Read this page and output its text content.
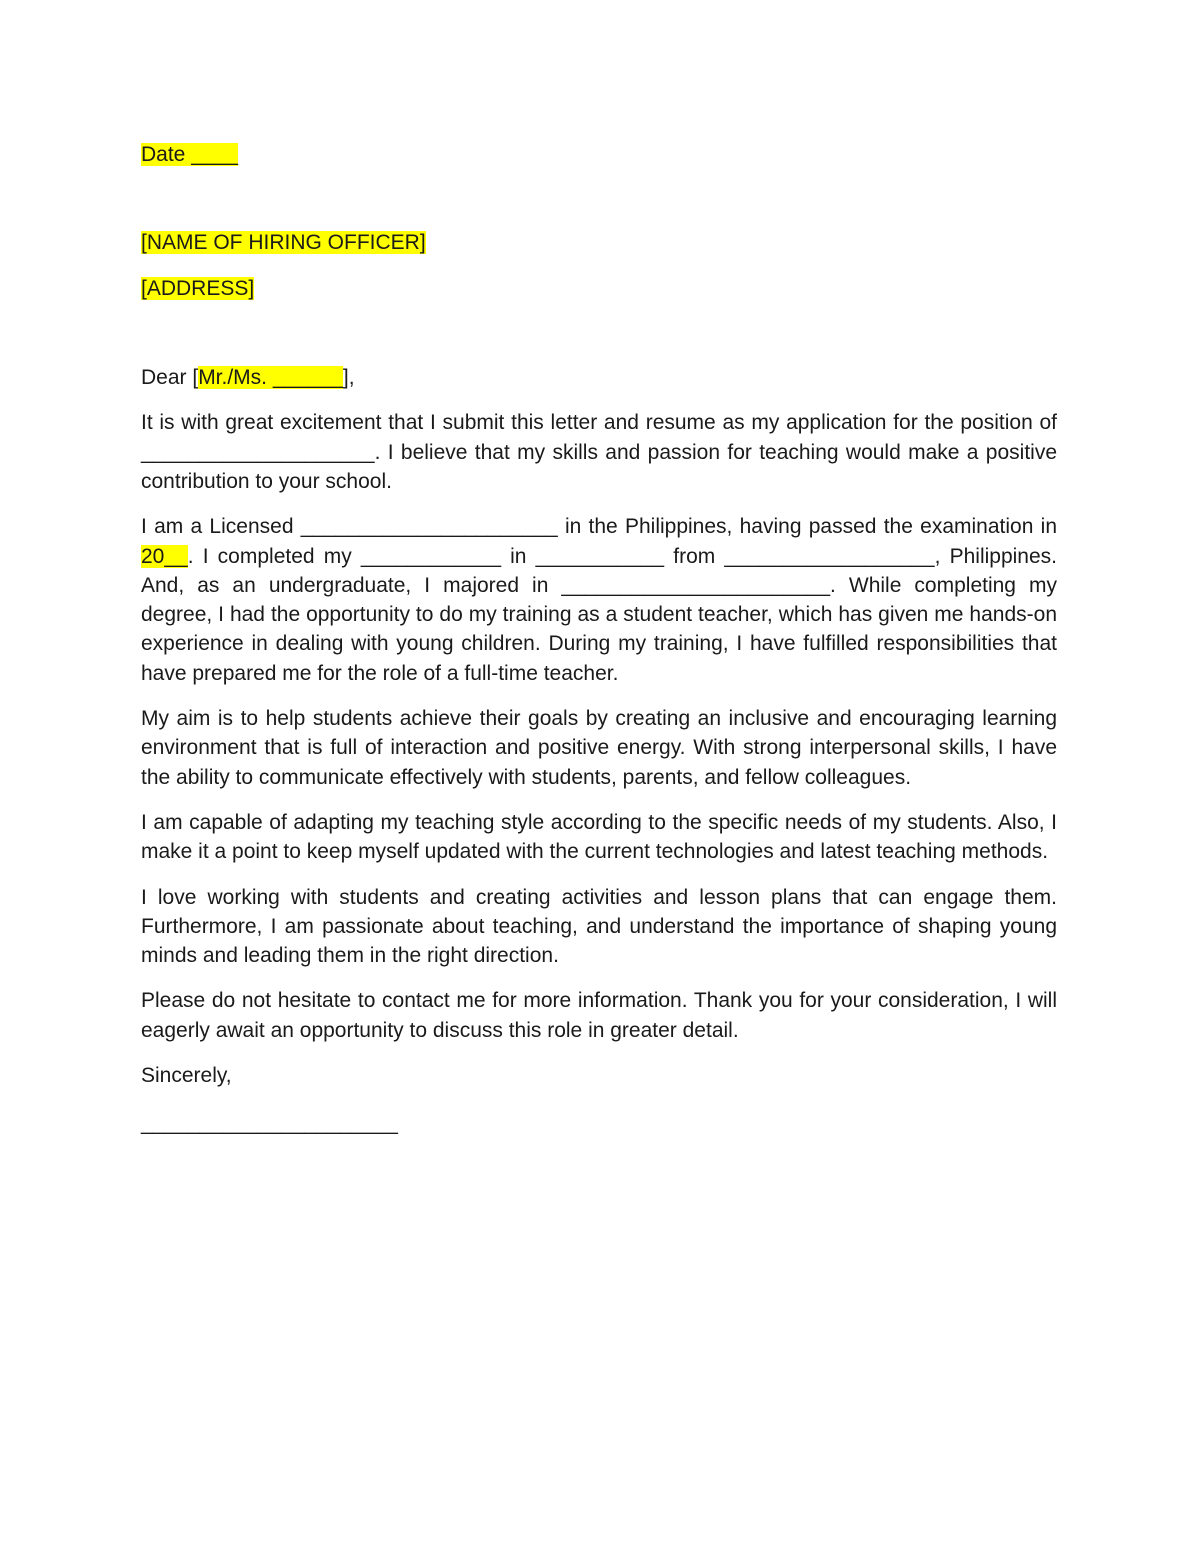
Date ____

[NAME OF HIRING OFFICER]

[ADDRESS]

Dear [Mr./Ms. ______],

It is with great excitement that I submit this letter and resume as my application for the position of ____________________. I believe that my skills and passion for teaching would make a positive contribution to your school.

I am a Licensed ______________________ in the Philippines, having passed the examination in 20__. I completed my ____________ in ___________ from __________________, Philippines. And, as an undergraduate, I majored in _______________________. While completing my degree, I had the opportunity to do my training as a student teacher, which has given me hands-on experience in dealing with young children. During my training, I have fulfilled responsibilities that have prepared me for the role of a full-time teacher.

My aim is to help students achieve their goals by creating an inclusive and encouraging learning environment that is full of interaction and positive energy. With strong interpersonal skills, I have the ability to communicate effectively with students, parents, and fellow colleagues.

I am capable of adapting my teaching style according to the specific needs of my students. Also, I make it a point to keep myself updated with the current technologies and latest teaching methods.

I love working with students and creating activities and lesson plans that can engage them. Furthermore, I am passionate about teaching, and understand the importance of shaping young minds and leading them in the right direction.

Please do not hesitate to contact me for more information. Thank you for your consideration, I will eagerly await an opportunity to discuss this role in greater detail.

Sincerely,

______________________
